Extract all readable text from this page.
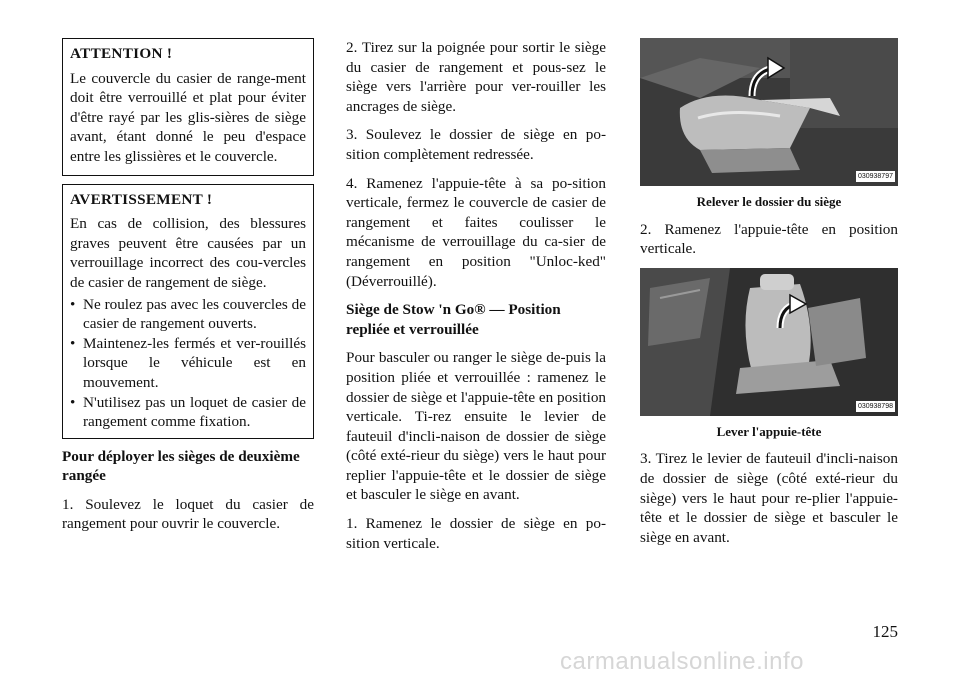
ATTENTION !

Le couvercle du casier de range-ment doit être verrouillé et plat pour éviter d'être rayé par les glis-sières de siège avant, étant donné le peu d'espace entre les glissières et le couvercle.

AVERTISSEMENT !

En cas de collision, des blessures graves peuvent être causées par un verrouillage incorrect des cou-vercles de casier de rangement de siège.

• Ne roulez pas avec les couvercles de casier de rangement ouverts.
• Maintenez-les fermés et ver-rouillés lorsque le véhicule est en mouvement.
• N'utilisez pas un loquet de casier de rangement comme fixation.
Pour déployer les sièges de deuxième rangée

1. Soulevez le loquet du casier de rangement pour ouvrir le couvercle.

2. Tirez sur la poignée pour sortir le siège du casier de rangement et pous-sez le siège vers l'arrière pour ver-rouiller les ancrages de siège.

3. Soulevez le dossier de siège en po-sition complètement redressée.

4. Ramenez l'appuie-tête à sa po-sition verticale, fermez le couvercle de casier de rangement et faites coulisser le mécanisme de verrouillage du ca-sier de rangement en position "Unloc-ked" (Déverrouillé).

Siège de Stow 'n Go® — Position repliée et verrouillée

Pour basculer ou ranger le siège de-puis la position pliée et verrouillée : ramenez le dossier de siège et l'appuie-tête en position verticale. Ti-rez ensuite le levier de fauteuil d'incli-naison de dossier de siège (côté exté-rieur du siège) vers le haut pour replier l'appuie-tête et le dossier de siège et basculer le siège en avant.

1. Ramenez le dossier de siège en po-sition verticale.

030938797
Relever le dossier du siège

2. Ramenez l'appuie-tête en position verticale.

030938798
Lever l'appuie-tête

3. Tirez le levier de fauteuil d'incli-naison de dossier de siège (côté exté-rieur du siège) vers le haut pour re-plier l'appuie-tête et le dossier de siège et basculer le siège en avant.

125
carmanualsonline.info
